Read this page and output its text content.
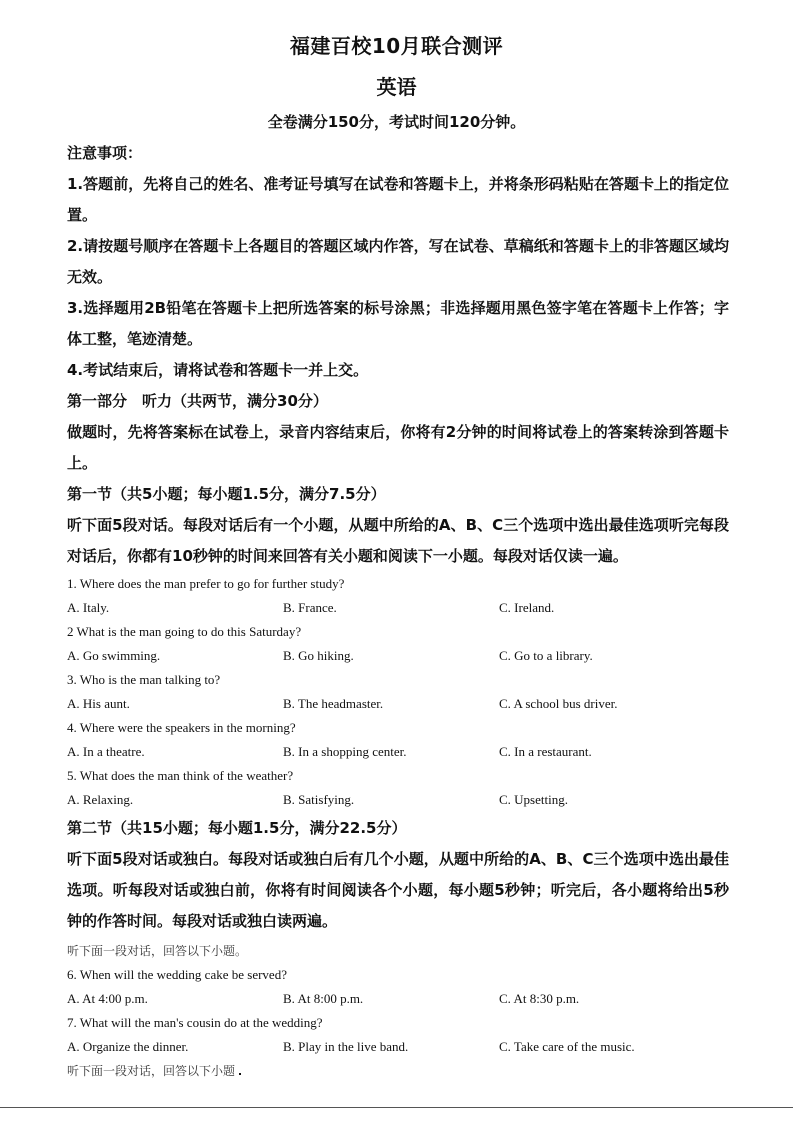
福建百校10月联合测评
英语
全卷满分150分，考试时间120分钟。

注意事项：

1.答题前，先将自己的姓名、准考证号填写在试卷和答题卡上，并将条形码粘贴在答题卡上的指定位置。

2.请按题号顺序在答题卡上各题目的答题区域内作答，写在试卷、草稿纸和答题卡上的非答题区域均无效。

3.选择题用2B铅笔在答题卡上把所选答案的标号涂黑；非选择题用黑色签字笔在答题卡上作答；字体工整，笔迹清楚。

4.考试结束后，请将试卷和答题卡一并上交。

第一部分　听力（共两节，满分30分）

做题时，先将答案标在试卷上，录音内容结束后，你将有2分钟的时间将试卷上的答案转涂到答题卡上。

第一节（共5小题；每小题1.5分，满分7.5分）

听下面5段对话。每段对话后有一个小题，从题中所给的A、B、C三个选项中选出最佳选项听完每段对话后，你都有10秒钟的时间来回答有关小题和阅读下一小题。每段对话仅读一遍。

1. Where does the man prefer to go for further study?

A. Italy.	B. France.	C. Ireland.

2 What is the man going to do this Saturday?

A. Go swimming.	B. Go hiking.	C. Go to a library.

3. Who is the man talking to?

A. His aunt.	B. The headmaster.	C. A school bus driver.

4. Where were the speakers in the morning?

A. In a theatre.	B. In a shopping center.	C. In a restaurant.

5. What does the man think of the weather?

A. Relaxing.	B. Satisfying.	C. Upsetting.

第二节（共15小题；每小题1.5分，满分22.5分）

听下面5段对话或独白。每段对话或独白后有几个小题，从题中所给的A、B、C三个选项中选出最佳选项。听每段对话或独白前，你将有时间阅读各个小题，每小题5秒钟；听完后，各小题将给出5秒钟的作答时间。每段对话或独白读两遍。

听下面一段对话，回答以下小题。

6. When will the wedding cake be served?

A. At 4:00 p.m.	B. At 8:00 p.m.	C. At 8:30 p.m.

7. What will the man's cousin do at the wedding?

A. Organize the dinner.	B. Play in the live band.	C. Take care of the music.

听下面一段对话，回答以下小题
